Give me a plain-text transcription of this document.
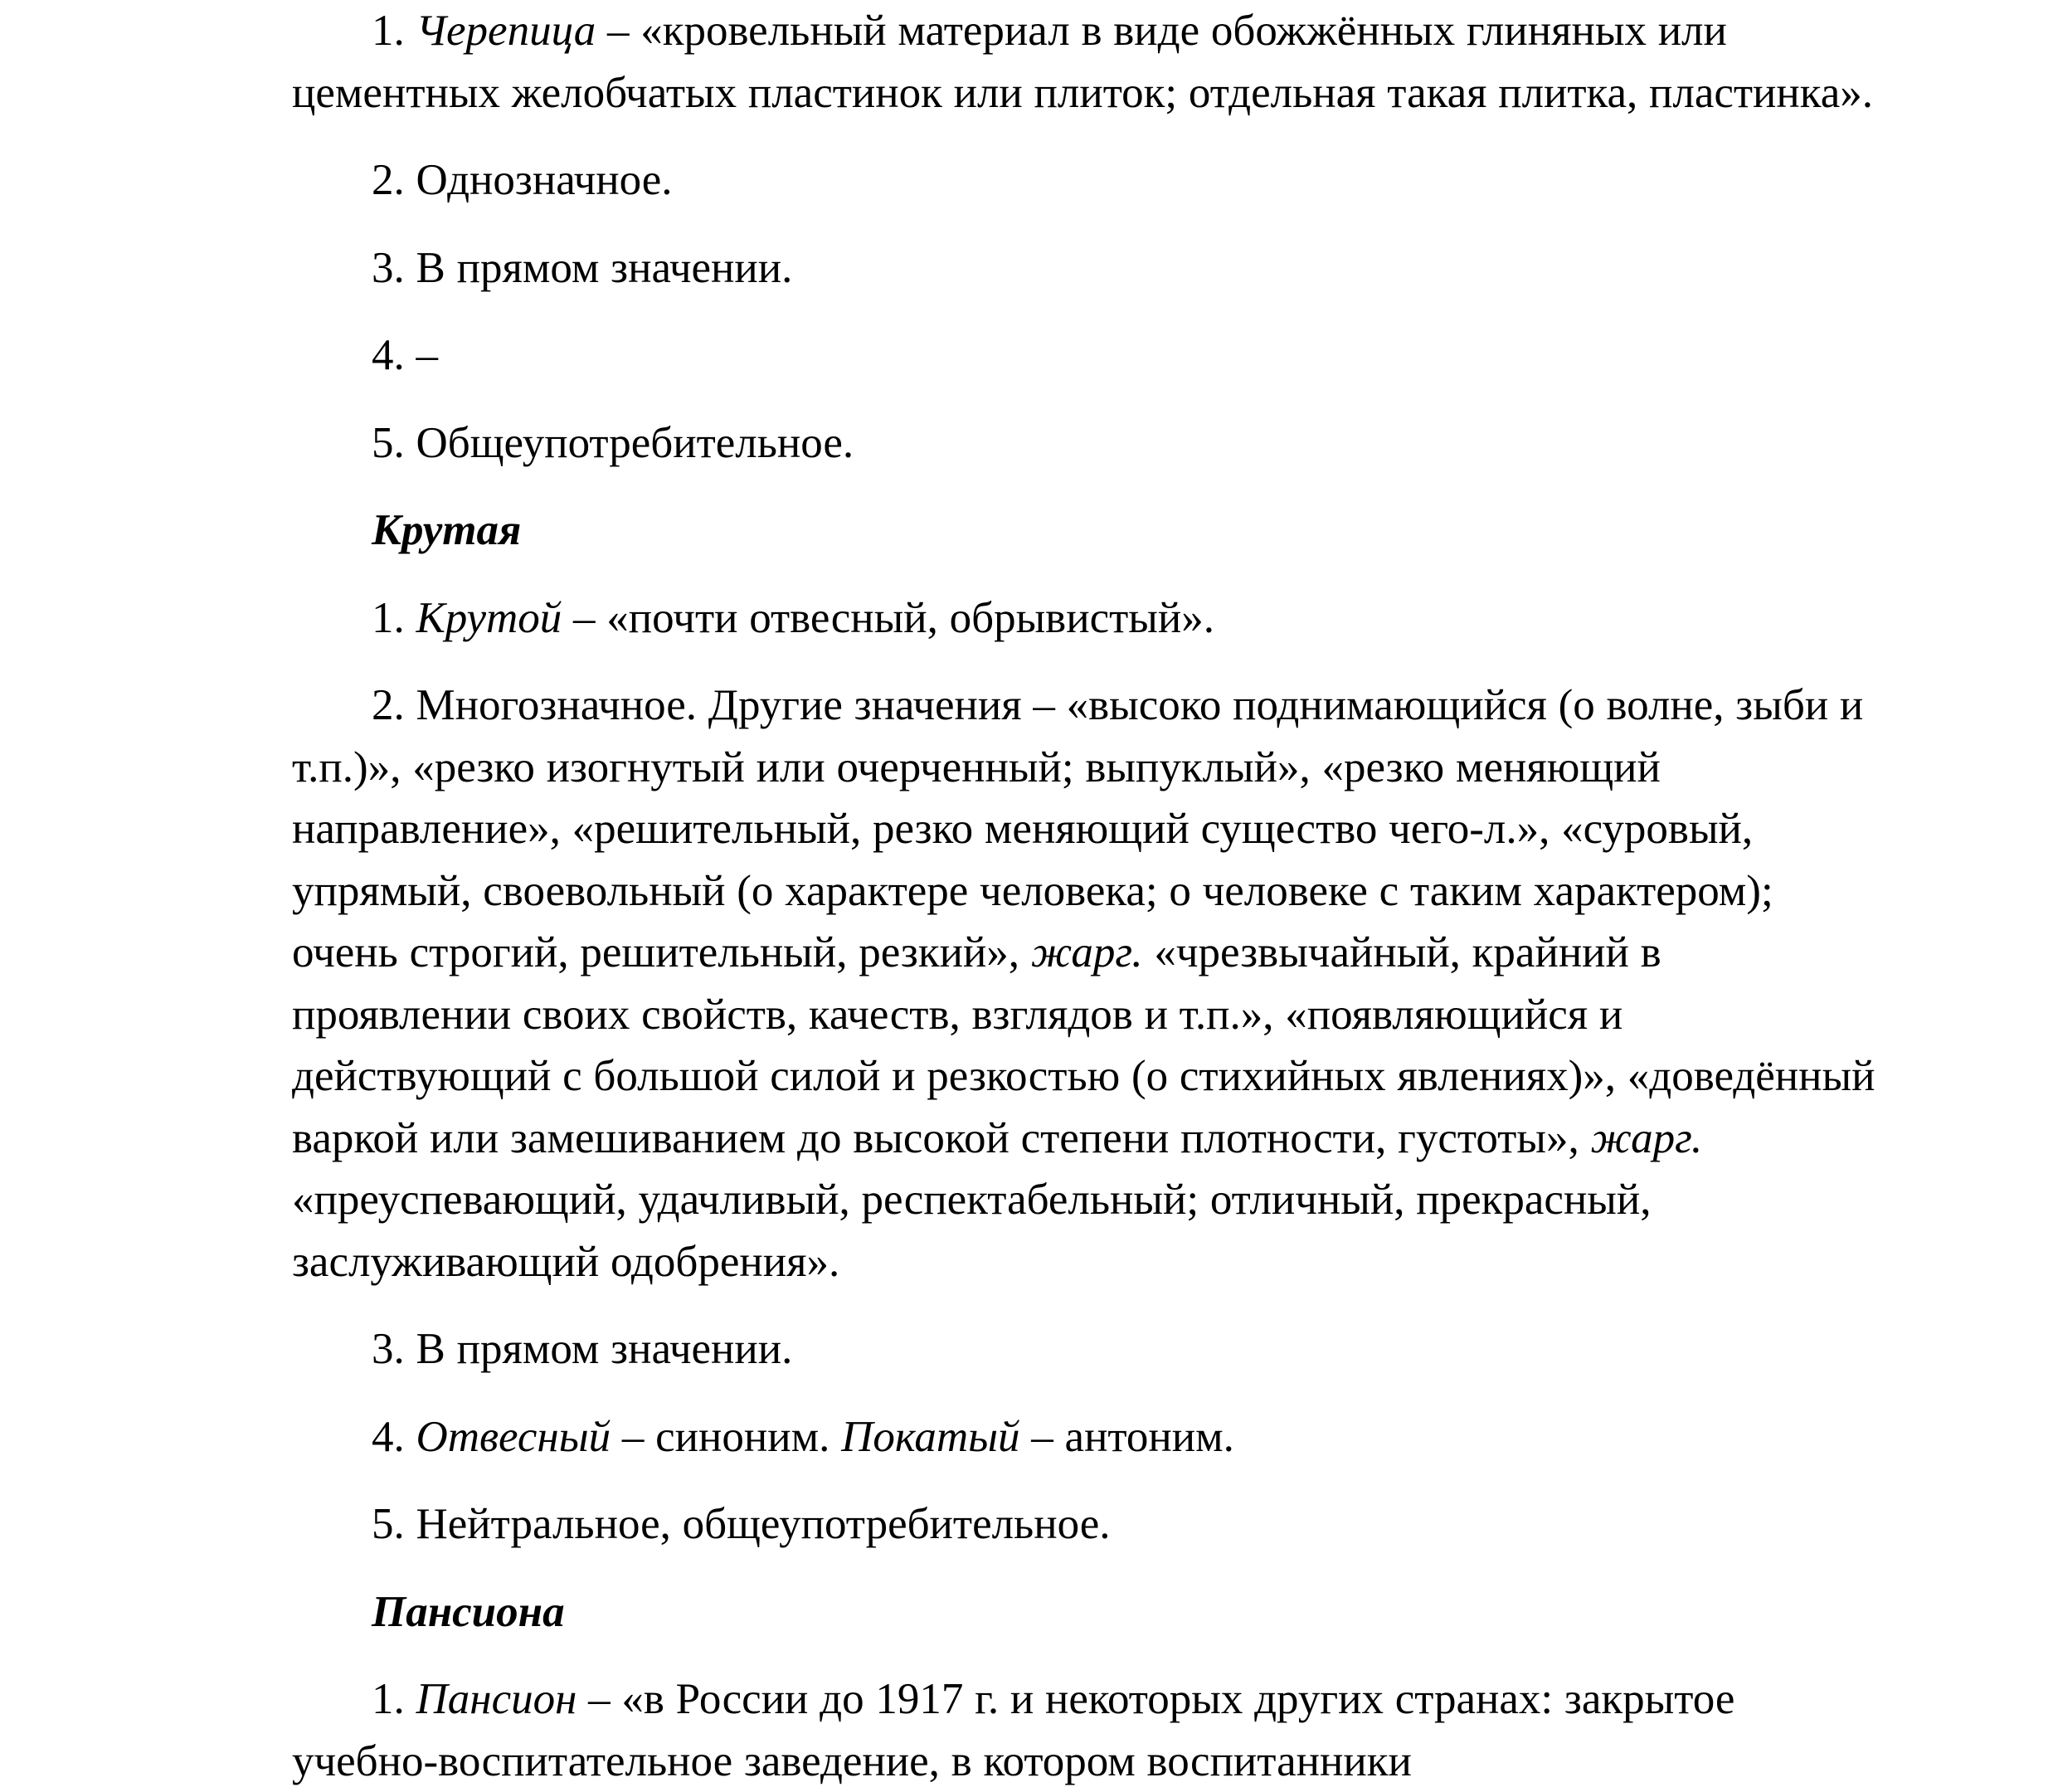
1. Черепица – «кровельный материал в виде обожжённых глиняных или цементных желобчатых пластинок или плиток; отдельная такая плитка, пластинка».

2. Однозначное.

3. В прямом значении.

4. –

5. Общеупотребительное.

Крутая

1. Крутой – «почти отвесный, обрывистый».

2. Многозначное. Другие значения – «высоко поднимающийся (о волне, зыби и т.п.)», «резко изогнутый или очерченный; выпуклый», «резко меняющий направление», «решительный, резко меняющий существо чего-л.», «суровый, упрямый, своевольный (о характере человека; о человеке с таким характером); очень строгий, решительный, резкий», жарг. «чрезвычайный, крайний в проявлении своих свойств, качеств, взглядов и т.п.», «появляющийся и действующий с большой силой и резкостью (о стихийных явлениях)», «доведённый варкой или замешиванием до высокой степени плотности, густоты», жарг. «преуспевающий, удачливый, респектабельный; отличный, прекрасный, заслуживающий одобрения».

3. В прямом значении.

4. Отвесный – синоним. Покатый – антоним.

5. Нейтральное, общеупотребительное.

Пансиона

1. Пансион – «в России до 1917 г. и некоторых других странах: закрытое учебно-воспитательное заведение, в котором воспитанники
